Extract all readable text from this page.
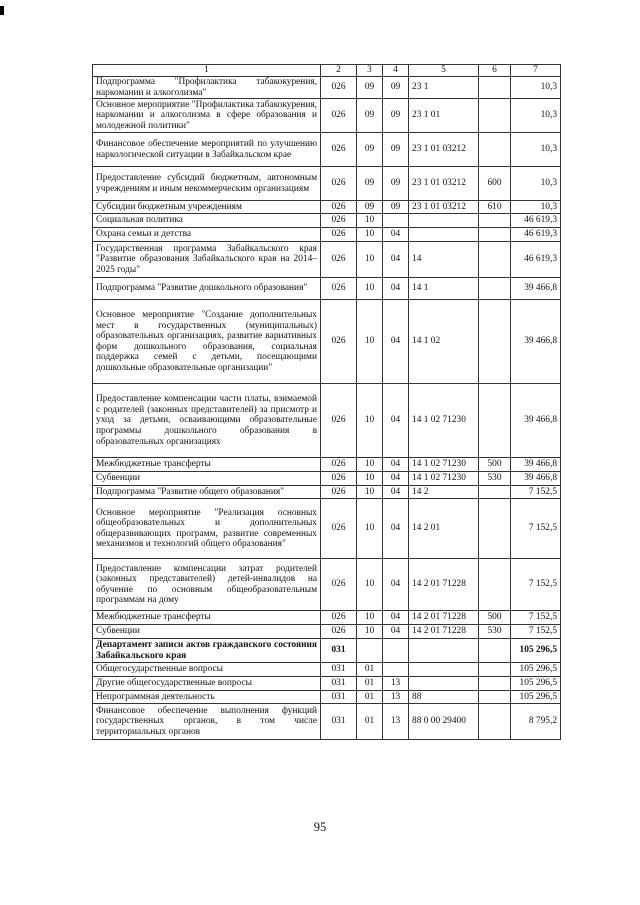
1	2	3	4	5	6	7
Подпрограмма "Профилактика табакокурения, наркомании и алкоголизма"	026	09	09	23 1		10,3
Основное мероприятие "Профилактика табакокурения, наркомании и алкоголизма в сфере образования и молодежной политики"	026	09	09	23 1 01		10,3
Финансовое обеспечение мероприятий по улучшению наркологической ситуации в Забайкальском крае	026	09	09	23 1 01 03212		10,3
Предоставление субсидий бюджетным, автономным учреждениям и иным некоммерческим организациям	026	09	09	23 1 01 03212	600	10,3
Субсидии бюджетным учреждениям	026	09	09	23 1 01 03212	610	10,3
Социальная политика	026	10				46 619,3
Охрана семьи и детства	026	10	04			46 619,3
Государственная программа Забайкальского края "Развитие образования Забайкальского края на 2014–2025 годы"	026	10	04	14		46 619,3
Подпрограмма "Развитие дошкольного образования"	026	10	04	14 1		39 466,8
Основное мероприятие "Создание дополнительных мест в государственных (муниципальных) образовательных организациях, развитие вариативных форм дошкольного образования, социальная поддержка семей с детьми, посещающими дошкольные образовательные организации"	026	10	04	14 1 02		39 466,8
Предоставление компенсации части платы, взимаемой с родителей (законных представителей) за присмотр и уход за детьми, осваивающими образовательные программы дошкольного образования в образовательных организациях	026	10	04	14 1 02 71230		39 466,8
Межбюджетные трансферты	026	10	04	14 1 02 71230	500	39 466,8
Субвенции	026	10	04	14 1 02 71230	530	39 466,8
Подпрограмма "Развитие общего образования"	026	10	04	14 2		7 152,5
Основное мероприятие "Реализация основных общеобразовательных и дополнительных общеразвивающих программ, развитие современных механизмов и технологий общего образования"	026	10	04	14 2 01		7 152,5
Предоставление компенсации затрат родителей (законных представителей) детей-инвалидов на обучение по основным общеобразовательным программам на дому	026	10	04	14 2 01 71228		7 152,5
Межбюджетные трансферты	026	10	04	14 2 01 71228	500	7 152,5
Субвенции	026	10	04	14 2 01 71228	530	7 152,5
Департамент записи актов гражданского состояния Забайкальского края	031					105 296,5
Общегосударственные вопросы	031	01				105 296,5
Другие общегосударственные вопросы	031	01	13			105 296,5
Непрограммная деятельность	031	01	13	88		105 296,5
Финансовое обеспечение выполнения функций государственных органов, в том числе территориальных органов	031	01	13	88 0 00 29400		8 795,2
95
